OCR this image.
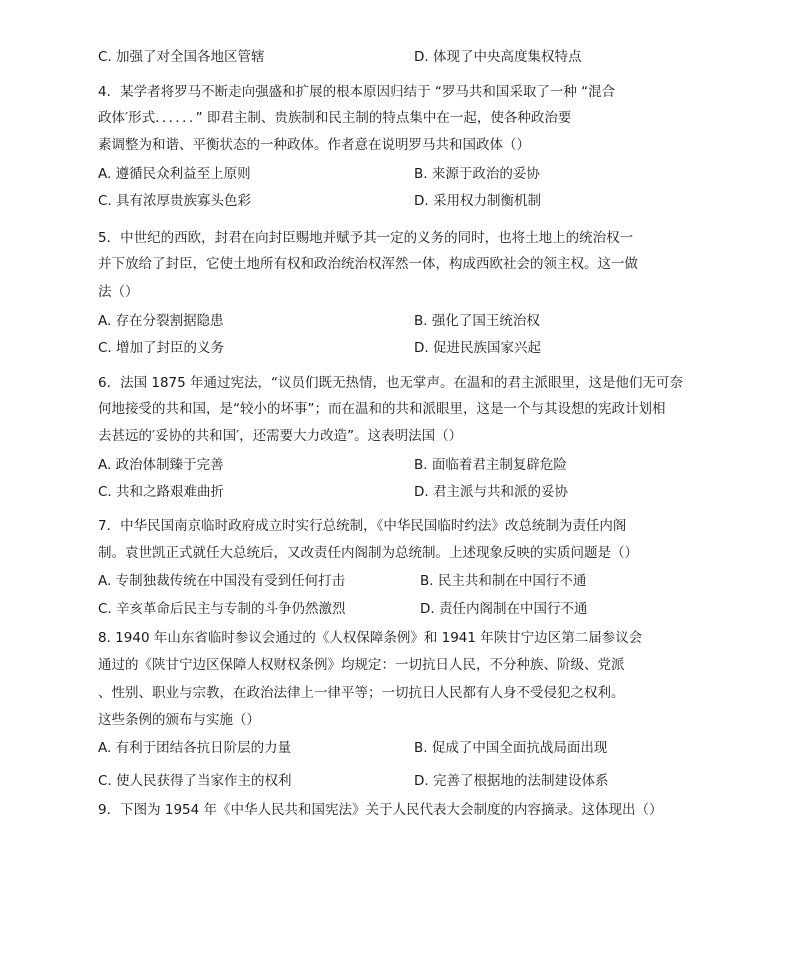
C. 加强了对全国各地区管辖	D. 体现了中央高度集权特点
4．某学者将罗马不断走向强盛和扩展的根本原因归结于 “罗马共和国采取了一种 “混合
政体′形式．．．．．．” 即君主制、贵族制和民主制的特点集中在一起，使各种政治要
素调整为和谐、平衡状态的一种政体。作者意在说明罗马共和国政体（）
A. 遵循民众利益至上原则	B. 来源于政治的妥协
C. 具有浓厚贵族寡头色彩	D. 采用权力制衡机制
5．中世纪的西欧，封君在向封臣赐地并赋予其一定的义务的同时，也将土地上的统治权一
并下放给了封臣，它使土地所有权和政治统治权浑然一体，构成西欧社会的领主权。这一做
法（）
A. 存在分裂割据隐患	B. 强化了国王统治权
C. 增加了封臣的义务	D. 促进民族国家兴起
6．法国 1875 年通过宪法，“议员们既无热情，也无掌声。在温和的君主派眼里，这是他们无可奈
何地接受的共和国，是“较小的坏事”；而在温和的共和派眼里，这是一个与其设想的宪政计划相
去甚远的′妥协的共和国′，还需要大力改造”。这表明法国（）
A. 政治体制臻于完善	B. 面临着君主制复辟危险
C. 共和之路艰难曲折	D. 君主派与共和派的妥协
7．中华民国南京临时政府成立时实行总统制，《中华民国临时约法》改总统制为责任内阁
制。袁世凯正式就任大总统后，又改责任内阁制为总统制。上述现象反映的实质问题是（）
A. 专制独裁传统在中国没有受到任何打击	B. 民主共和制在中国行不通
C. 辛亥革命后民主与专制的斗争仍然激烈	D. 责任内阁制在中国行不通
8. 1940 年山东省临时参议会通过的《人权保障条例》和 1941 年陕甘宁边区第二届参议会
通过的《陕甘宁边区保障人权财权条例》均规定：一切抗日人民，不分种族、阶级、党派
、性别、职业与宗教，在政治法律上一律平等；一切抗日人民都有人身不受侵犯之权利。
这些条例的颁布与实施（）
A. 有利于团结各抗日阶层的力量	B. 促成了中国全面抗战局面出现
C. 使人民获得了当家作主的权利	D. 完善了根据地的法制建设体系
9．下图为 1954 年《中华人民共和国宪法》关于人民代表大会制度的内容摘录。这体现出（）
